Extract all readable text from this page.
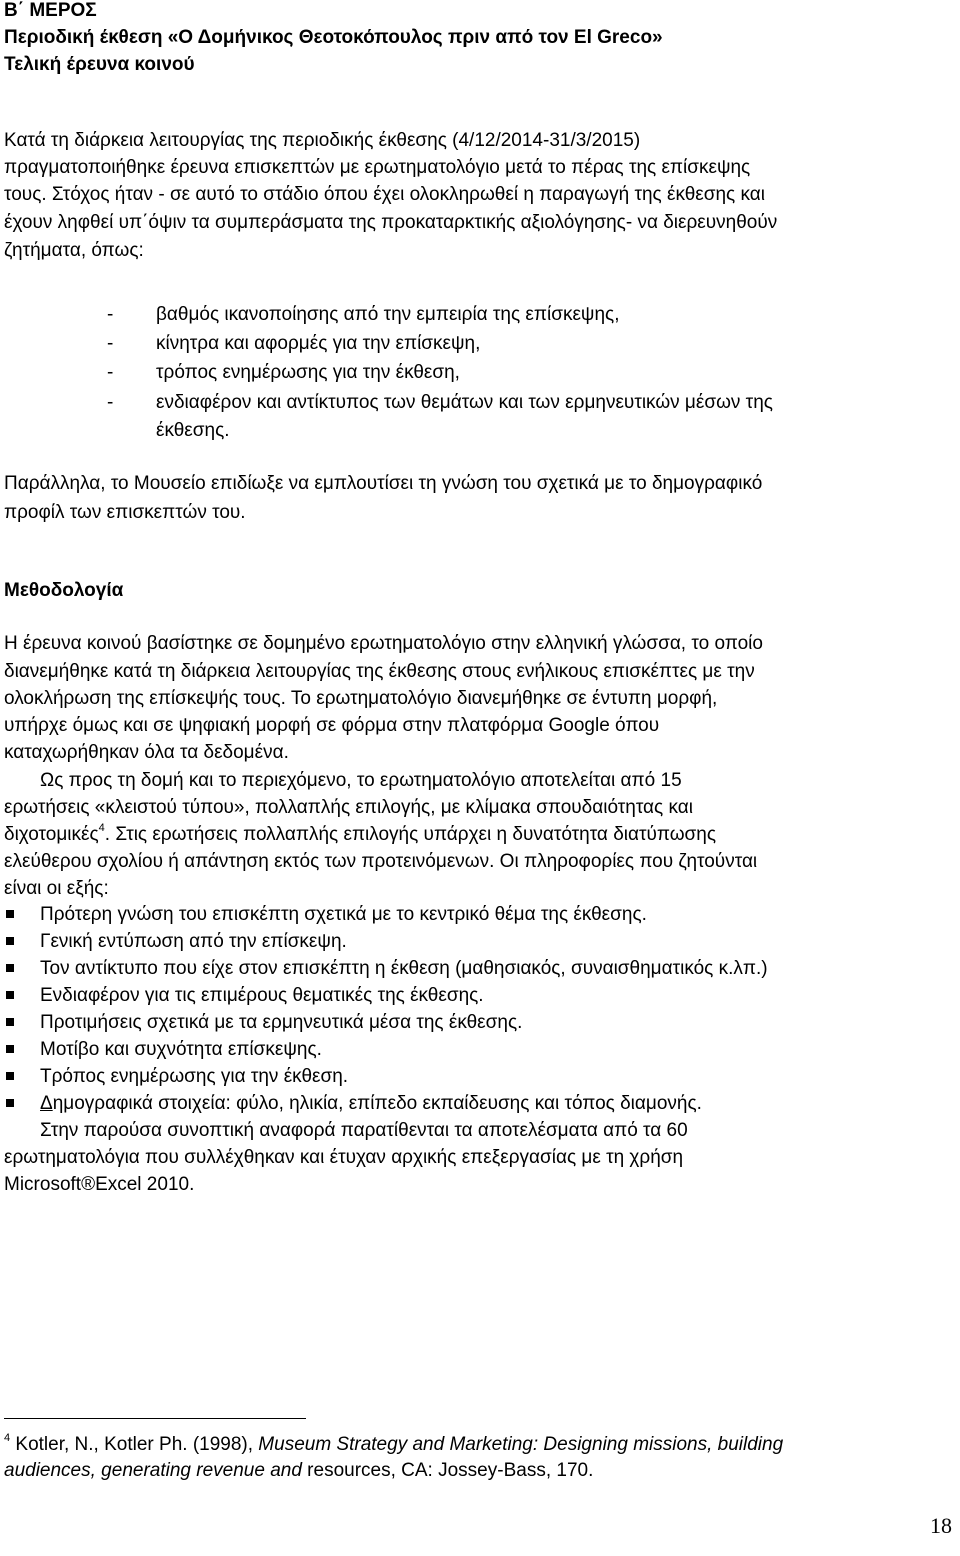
Β΄ ΜΕΡΟΣ
Περιοδική έκθεση «Ο Δομήνικος Θεοτοκόπουλος πριν από τον El Greco»
Τελική έρευνα κοινού
Κατά τη διάρκεια λειτουργίας της περιοδικής έκθεσης (4/12/2014-31/3/2015)
πραγματοποιήθηκε έρευνα επισκεπτών με ερωτηματολόγιο μετά το πέρας της επίσκεψης
τους. Στόχος ήταν - σε αυτό το στάδιο όπου έχει ολοκληρωθεί η παραγωγή της έκθεσης και
έχουν ληφθεί υπ΄όψιν τα συμπεράσματα της προκαταρκτικής αξιολόγησης- να διερευνηθούν
ζητήματα, όπως:
- βαθμός ικανοποίησης από την εμπειρία της επίσκεψης,
- κίνητρα και αφορμές για την επίσκεψη,
- τρόπος ενημέρωσης για την έκθεση,
- ενδιαφέρον και αντίκτυπος των θεμάτων και των ερμηνευτικών μέσων της
έκθεσης.
Παράλληλα, το Μουσείο επιδίωξε να εμπλουτίσει τη γνώση του σχετικά με το δημογραφικό
προφίλ των επισκεπτών του.
Μεθοδολογία
Η έρευνα κοινού βασίστηκε σε δομημένο ερωτηματολόγιο στην ελληνική γλώσσα, το οποίο
διανεμήθηκε κατά τη διάρκεια λειτουργίας της έκθεσης στους ενήλικους επισκέπτες με την
ολοκλήρωση της επίσκεψής τους. Το ερωτηματολόγιο διανεμήθηκε σε έντυπη μορφή,
υπήρχε όμως και σε ψηφιακή μορφή σε φόρμα στην πλατφόρμα Google όπου
καταχωρήθηκαν όλα τα δεδομένα.
Ως προς τη δομή και το περιεχόμενο, το ερωτηματολόγιο αποτελείται από 15
ερωτήσεις «κλειστού τύπου», πολλαπλής επιλογής, με κλίμακα σπουδαιότητας και
διχοτομικές$^4$. Στις ερωτήσεις πολλαπλής επιλογής υπάρχει η δυνατότητα διατύπωσης
ελεύθερου σχολίου ή απάντηση εκτός των προτεινόμενων. Οι πληροφορίες που ζητούνται
είναι οι εξής:
Πρότερη γνώση του επισκέπτη σχετικά με το κεντρικό θέμα της έκθεσης.
Γενική εντύπωση από την επίσκεψη.
Τον αντίκτυπο που είχε στον επισκέπτη η έκθεση (μαθησιακός, συναισθηματικός κ.λπ.)
Ενδιαφέρον για τις επιμέρους θεματικές της έκθεσης.
Προτιμήσεις σχετικά με τα ερμηνευτικά μέσα της έκθεσης.
Μοτίβο και συχνότητα επίσκεψης.
Τρόπος ενημέρωσης για την έκθεση.
Δημογραφικά στοιχεία: φύλο, ηλικία, επίπεδο εκπαίδευσης και τόπος διαμονής.
Στην παρούσα συνοπτική αναφορά παρατίθενται τα αποτελέσματα από τα 60
ερωτηματολόγια που συλλέχθηκαν και έτυχαν αρχικής επεξεργασίας με τη χρήση
Microsoft®Excel 2010.
$^4$ Kotler, N., Kotler Ph. (1998), Museum Strategy and Marketing: Designing missions, building
audiences, generating revenue and resources, CA: Jossey-Bass, 170.
18
